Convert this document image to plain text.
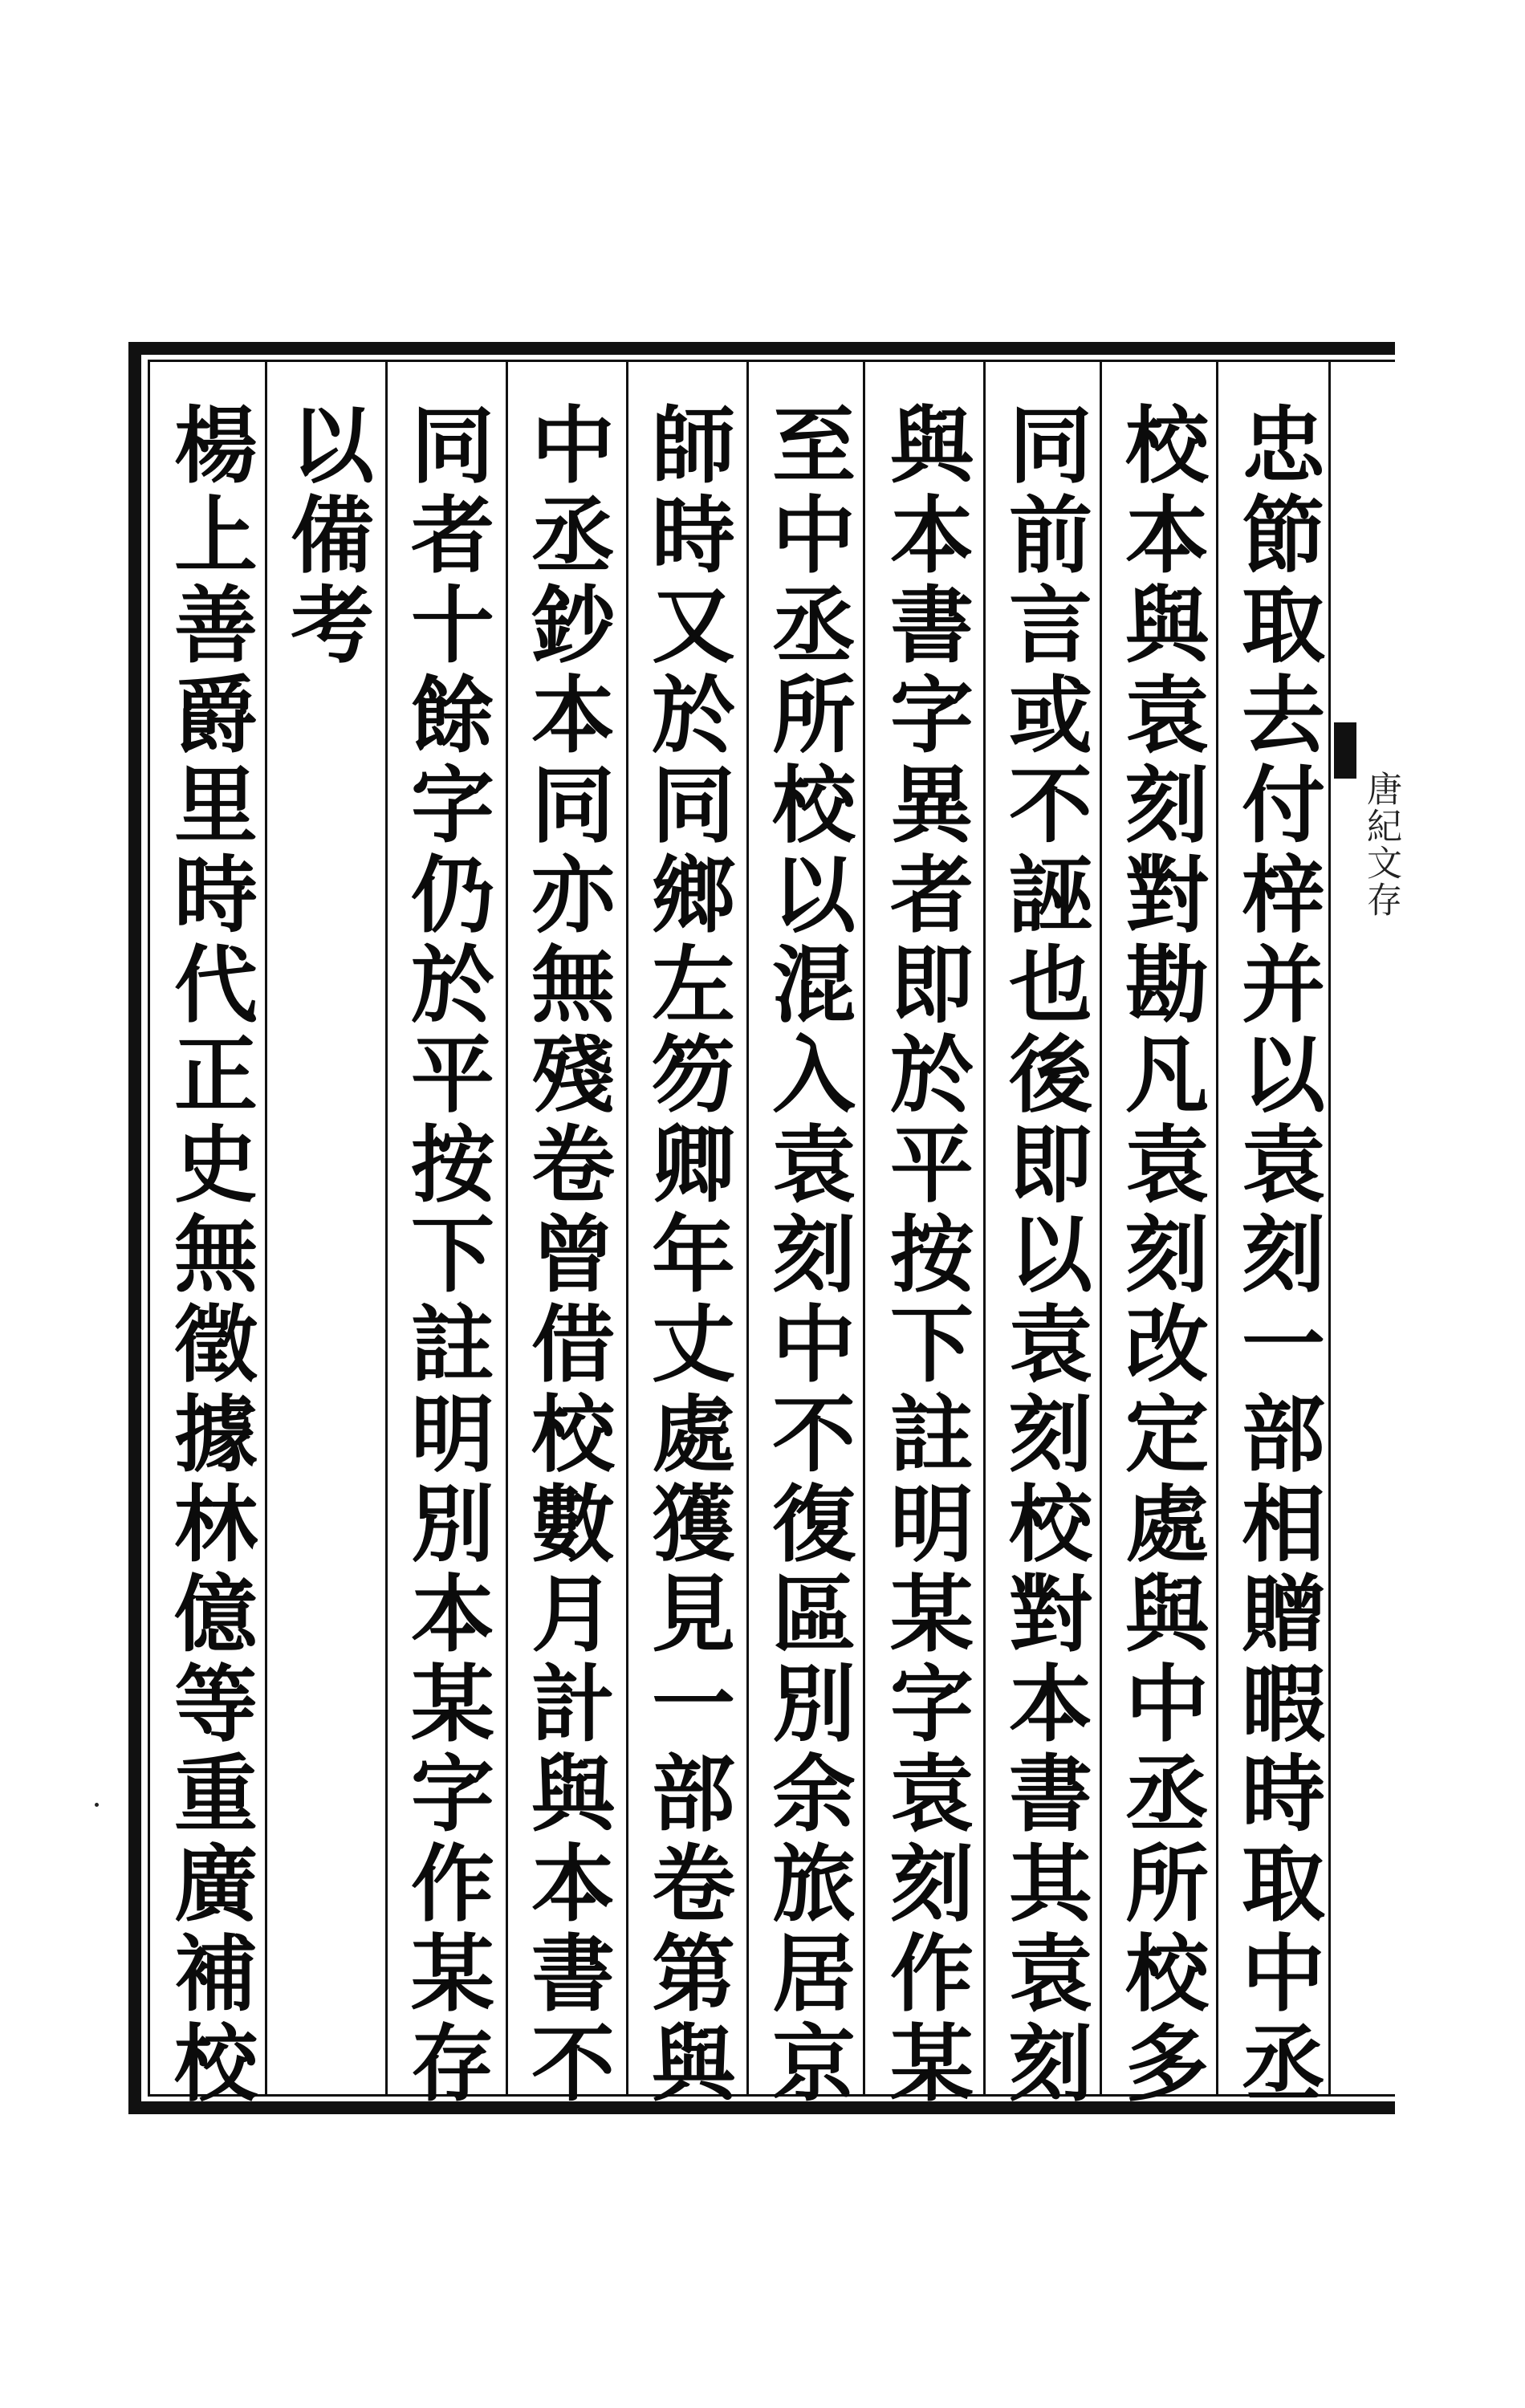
唐紀文存
忠節取去付梓并以袁刻一部相贈暇時取中丞
校本與袁刻對勘凡袁刻改定處與中丞所校多
同前言或不誣也後即以袁刻校對本書其袁刻
與本書字異者即於平按下註明某字袁刻作某
至中丞所校以混入袁刻中不復區別余旅居京
師時又於同鄉左笏卿年丈處獲見一部卷第與
中丞鈔本同亦無殘卷曾借校數月計與本書不
同者十餘字仍於平按下註明別本某字作某存
以備考
楊上善爵里時代正史無徵據林億等重廣補校
